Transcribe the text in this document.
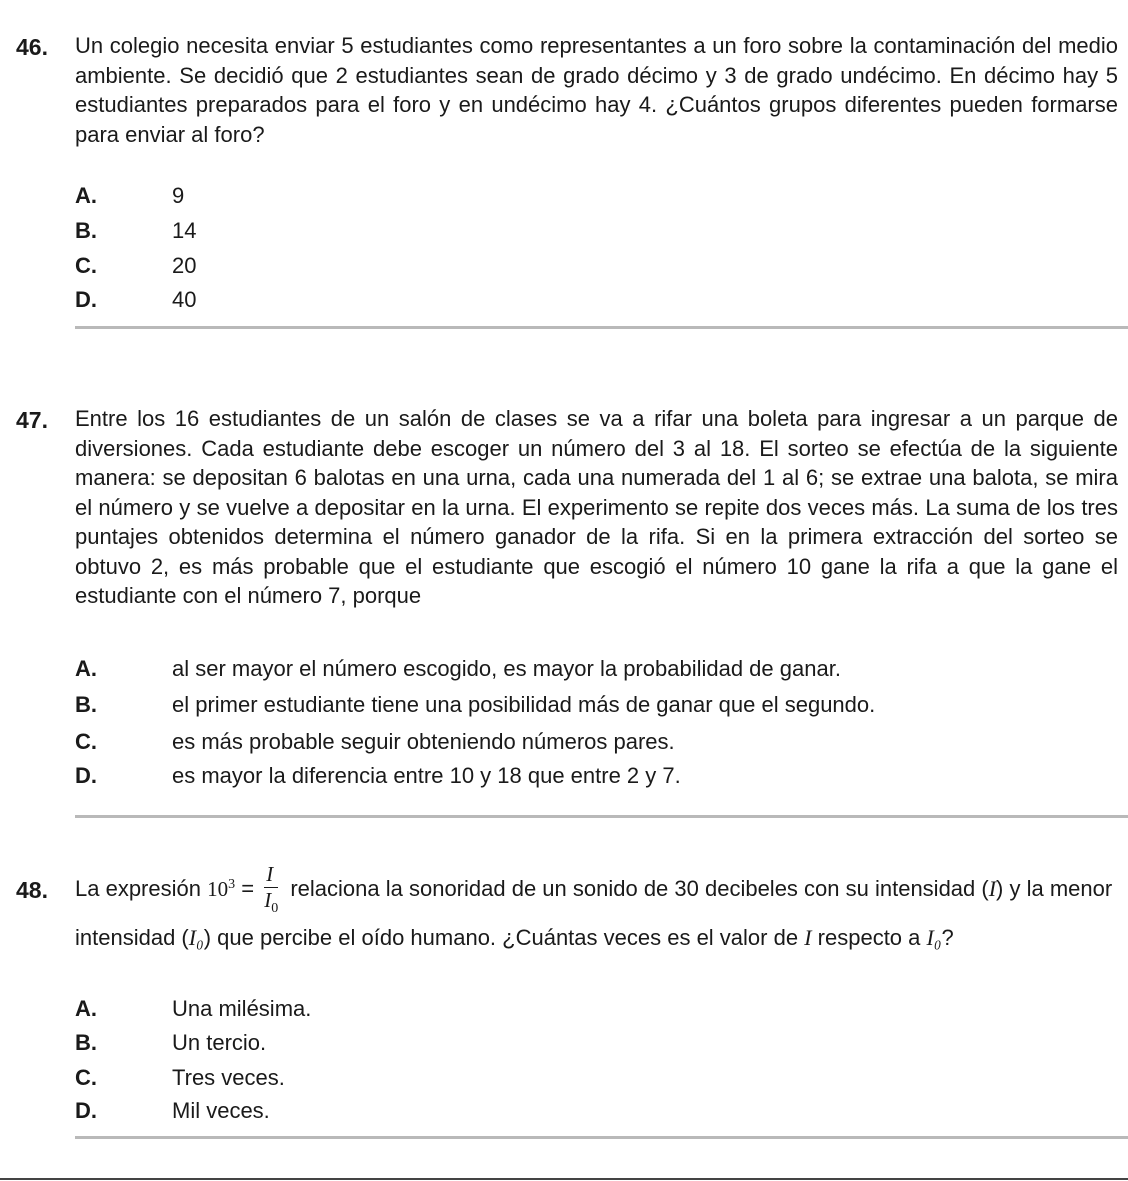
46. Un colegio necesita enviar 5 estudiantes como representantes a un foro sobre la contaminación del medio ambiente. Se decidió que 2 estudiantes sean de grado décimo y 3 de grado undécimo. En décimo hay 5 estudiantes preparados para el foro y en undécimo hay 4. ¿Cuántos grupos diferentes pueden formarse para enviar al foro?
A.	9
B.	14
C.	20
D.	40
47. Entre los 16 estudiantes de un salón de clases se va a rifar una boleta para ingresar a un parque de diversiones. Cada estudiante debe escoger un número del 3 al 18. El sorteo se efectúa de la siguiente manera: se depositan 6 balotas en una urna, cada una numerada del 1 al 6; se extrae una balota, se mira el número y se vuelve a depositar en la urna. El experimento se repite dos veces más. La suma de los tres puntajes obtenidos determina el número ganador de la rifa. Si en la primera extracción del sorteo se obtuvo 2, es más probable que el estudiante que escogió el número 10 gane la rifa a que la gane el estudiante con el número 7, porque
A.	al ser mayor el número escogido, es mayor la probabilidad de ganar.
B.	el primer estudiante tiene una posibilidad más de ganar que el segundo.
C.	es más probable seguir obteniendo números pares.
D.	es mayor la diferencia entre 10 y 18 que entre 2 y 7.
48. La expresión $10^3 = \frac{I}{I_0}$ relaciona la sonoridad de un sonido de 30 decibeles con su intensidad (I) y la menor intensidad (I₀) que percibe el oído humano. ¿Cuántas veces es el valor de I respecto a I₀?
A.	Una milésima.
B.	Un tercio.
C.	Tres veces.
D.	Mil veces.
